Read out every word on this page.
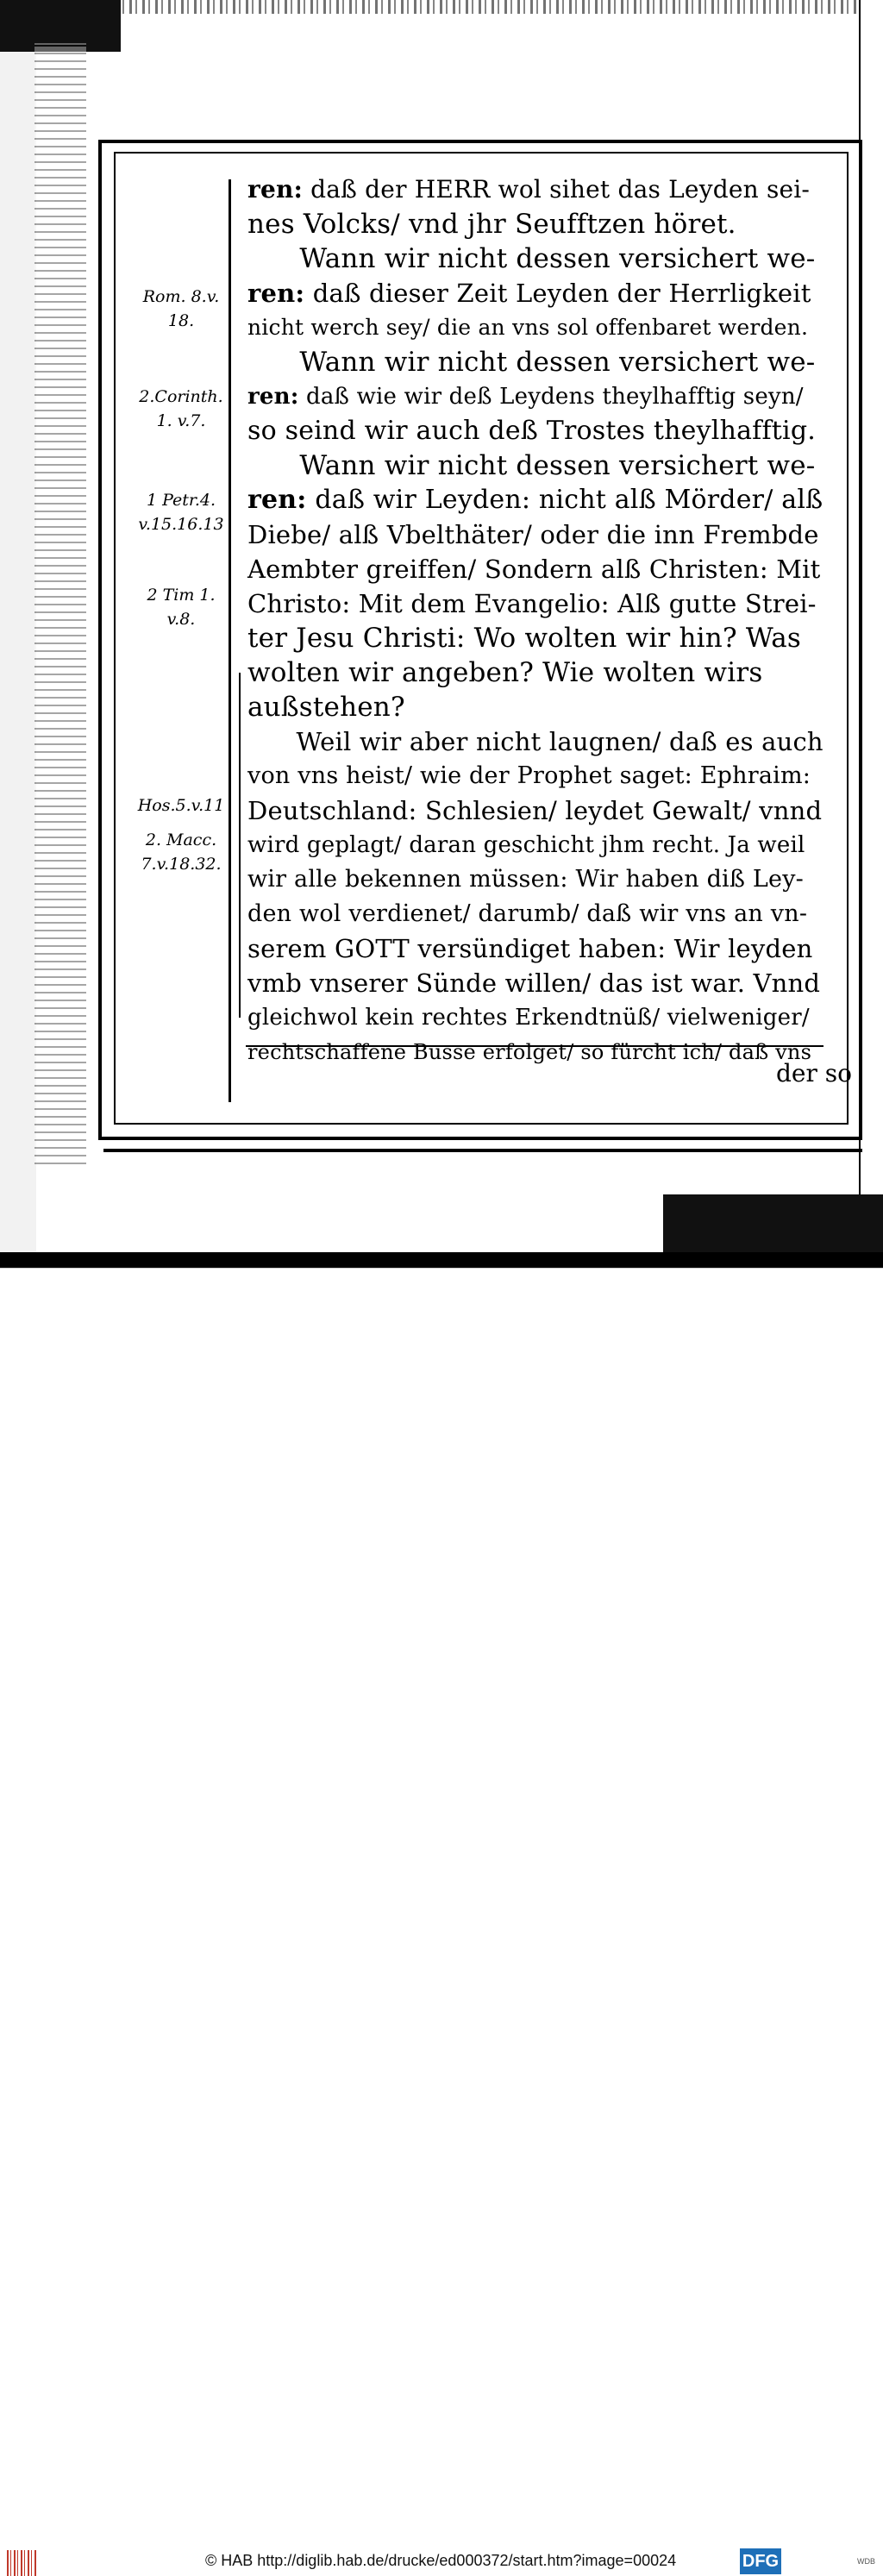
Rom. 8.v.
18.
2.Corinth.
1. v.7.
1 Petr.4.
v.15.16.13
2 Tim 1.
v.8.
Hos.5.v.11
2. Macc.
7.v.18.32.
ren: daß der HERR wol sihet das Leyden sei-
nes Volcks/ vnd jhr Seufftzen höret.
Wann wir nicht dessen versichert we-
ren: daß dieser Zeit Leyden der Herrligkeit
nicht werch sey/ die an vns sol offenbaret werden.
Wann wir nicht dessen versichert we-
ren: daß wie wir deß Leydens theylhafftig seyn/
so seind wir auch deß Trostes theylhafftig.
Wann wir nicht dessen versichert we-
ren: daß wir Leyden: nicht alß Mörder/ alß
Diebe/ alß Vbelthäter/ oder die inn Frembde
Aembter greiffen/ Sondern alß Christen: Mit
Christo: Mit dem Evangelio: Alß gutte Strei-
ter Jesu Christi: Wo wolten wir hin? Was
wolten wir angeben? Wie wolten wirs
außstehen?
Weil wir aber nicht laugnen/ daß es auch
von vns heist/ wie der Prophet saget: Ephraim:
Deutschland: Schlesien/ leydet Gewalt/ vnnd
wird geplagt/ daran geschicht jhm recht. Ja weil
wir alle bekennen müssen: Wir haben diß Ley-
den wol verdienet/ darumb/ daß wir vns an vn-
serem GOTT versündiget haben: Wir leyden
vmb vnserer Sünde willen/ das ist war. Vnnd
gleichwol kein rechtes Erkendtnüß/ vielweniger/
rechtschaffene Busse erfolget/ so fürcht ich/ daß vns
der so
© HAB http://diglib.hab.de/drucke/ed000372/start.htm?image=00024	DFG	WDB
